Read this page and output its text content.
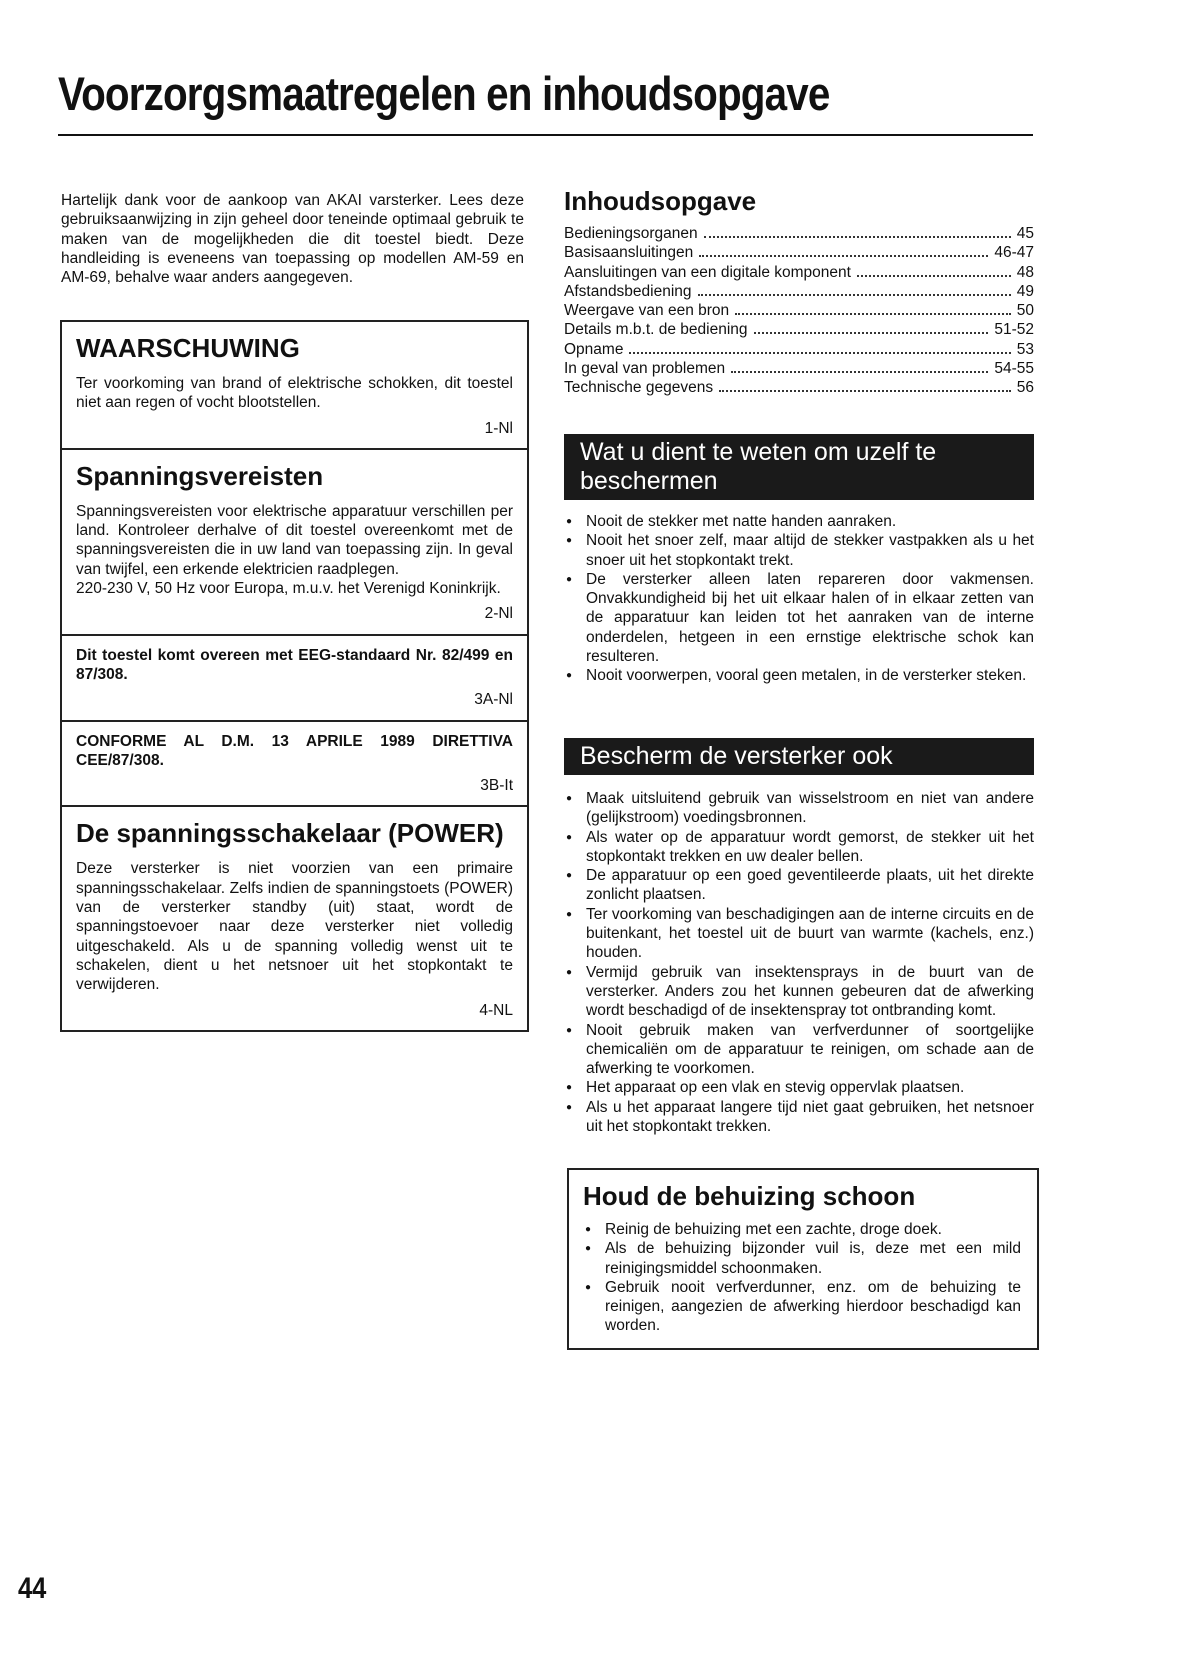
Voorzorgsmaatregelen en inhoudsopgave

Hartelijk dank voor de aankoop van AKAI varsterker. Lees deze gebruiksaanwijzing in zijn geheel door teneinde optimaal gebruik te maken van de mogelijkheden die dit toestel biedt. Deze handleiding is eveneens van toepassing op modellen AM-59 en AM-69, behalve waar anders aangegeven.

WAARSCHUWING

Ter voorkoming van brand of elektrische schokken, dit toestel niet aan regen of vocht blootstellen.

1-Nl
Spanningsvereisten

Spanningsvereisten voor elektrische apparatuur verschillen per land. Kontroleer derhalve of dit toestel overeenkomt met de spanningsvereisten die in uw land van toepassing zijn. In geval van twijfel, een erkende elektricien raadplegen.

220-230 V, 50 Hz voor Europa, m.u.v. het Verenigd Koninkrijk.

2-Nl

Dit toestel komt overeen met EEG-standaard Nr. 82/499 en 87/308.

3A-Nl

CONFORME AL D.M. 13 APRILE 1989 DIRETTIVA CEE/87/308.

3B-It
De spanningsschakelaar (POWER)

Deze versterker is niet voorzien van een primaire spanningsschakelaar. Zelfs indien de spanningstoets (POWER) van de versterker standby (uit) staat, wordt de spanningstoevoer naar deze versterker niet volledig uitgeschakeld. Als u de spanning volledig wenst uit te schakelen, dient u het netsnoer uit het stopkontakt te verwijderen.

4-NL
Inhoudsopgave
Bedieningsorganen	45
Basisaansluitingen	46-47
Aansluitingen van een digitale komponent	48
Afstandsbediening	49
Weergave van een bron	50
Details m.b.t. de bediening	51-52
Opname	53
In geval van problemen	54-55
Technische gegevens	56
Wat u dient te weten om uzelf te beschermen
● Nooit de stekker met natte handen aanraken.
● Nooit het snoer zelf, maar altijd de stekker vastpakken als u het snoer uit het stopkontakt trekt.
● De versterker alleen laten repareren door vakmensen. Onvakkundigheid bij het uit elkaar halen of in elkaar zetten van de apparatuur kan leiden tot het aanraken van de interne onderdelen, hetgeen in een ernstige elektrische schok kan resulteren.
● Nooit voorwerpen, vooral geen metalen, in de versterker steken.
Bescherm de versterker ook
● Maak uitsluitend gebruik van wisselstroom en niet van andere (gelijkstroom) voedingsbronnen.
● Als water op de apparatuur wordt gemorst, de stekker uit het stopkontakt trekken en uw dealer bellen.
● De apparatuur op een goed geventileerde plaats, uit het direkte zonlicht plaatsen.
● Ter voorkoming van beschadigingen aan de interne circuits en de buitenkant, het toestel uit de buurt van warmte (kachels, enz.) houden.
● Vermijd gebruik van insektensprays in de buurt van de versterker. Anders zou het kunnen gebeuren dat de afwerking wordt beschadigd of de insektenspray tot ontbranding komt.
● Nooit gebruik maken van verfverdunner of soortgelijke chemicaliën om de apparatuur te reinigen, om schade aan de afwerking te voorkomen.
● Het apparaat op een vlak en stevig oppervlak plaatsen.
● Als u het apparaat langere tijd niet gaat gebruiken, het netsnoer uit het stopkontakt trekken.
Houd de behuizing schoon
● Reinig de behuizing met een zachte, droge doek.
● Als de behuizing bijzonder vuil is, deze met een mild reinigingsmiddel schoonmaken.
● Gebruik nooit verfverdunner, enz. om de behuizing te reinigen, aangezien de afwerking hierdoor beschadigd kan worden.
44
